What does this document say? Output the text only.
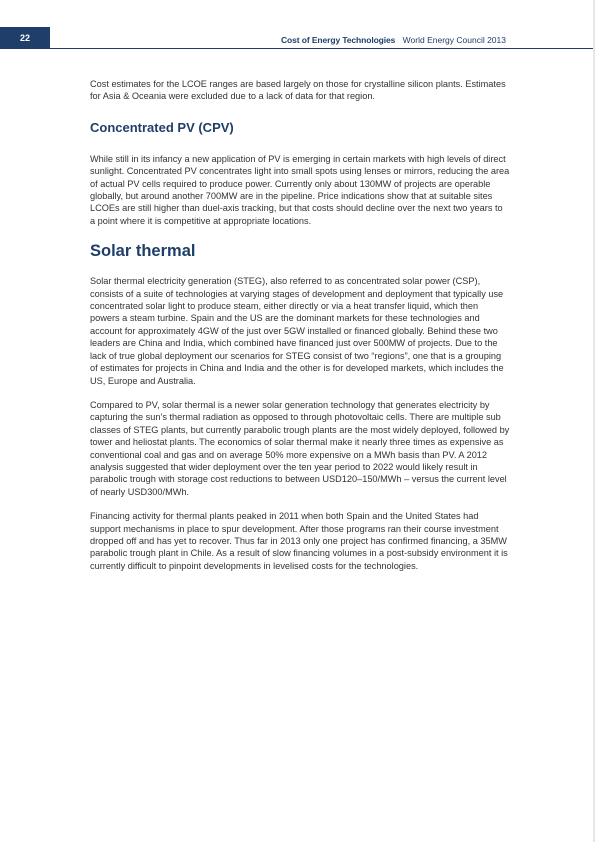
22	Cost of Energy Technologies World Energy Council 2013

Cost estimates for the LCOE ranges are based largely on those for crystalline silicon plants. Estimates for Asia & Oceania were excluded due to a lack of data for that region.

Concentrated PV (CPV)

While still in its infancy a new application of PV is emerging in certain markets with high levels of direct sunlight. Concentrated PV concentrates light into small spots using lenses or mirrors, reducing the area of actual PV cells required to produce power. Currently only about 130MW of projects are operable globally, but around another 700MW are in the pipeline. Price indications show that at suitable sites LCOEs are still higher than duel-axis tracking, but that costs should decline over the next two years to a point where it is competitive at appropriate locations.

Solar thermal

Solar thermal electricity generation (STEG), also referred to as concentrated solar power (CSP), consists of a suite of technologies at varying stages of development and deployment that typically use concentrated solar light to produce steam, either directly or via a heat transfer liquid, which then powers a steam turbine. Spain and the US are the dominant markets for these technologies and account for approximately 4GW of the just over 5GW installed or financed globally. Behind these two leaders are China and India, which combined have financed just over 500MW of projects. Due to the lack of true global deployment our scenarios for STEG consist of two “regions”, one that is a grouping of estimates for projects in China and India and the other is for developed markets, which includes the US, Europe and Australia.

Compared to PV, solar thermal is a newer solar generation technology that generates electricity by capturing the sun’s thermal radiation as opposed to through photovoltaic cells. There are multiple sub classes of STEG plants, but currently parabolic trough plants are the most widely deployed, followed by tower and heliostat plants. The economics of solar thermal make it nearly three times as expensive as conventional coal and gas and on average 50% more expensive on a MWh basis than PV. A 2012 analysis suggested that wider deployment over the ten year period to 2022 would likely result in parabolic trough with storage cost reductions to between USD120–150/MWh – versus the current level of nearly USD300/MWh.

Financing activity for thermal plants peaked in 2011 when both Spain and the United States had support mechanisms in place to spur development. After those programs ran their course investment dropped off and has yet to recover. Thus far in 2013 only one project has confirmed financing, a 35MW parabolic trough plant in Chile. As a result of slow financing volumes in a post-subsidy environment it is currently difficult to pinpoint developments in levelised costs for the technologies.
